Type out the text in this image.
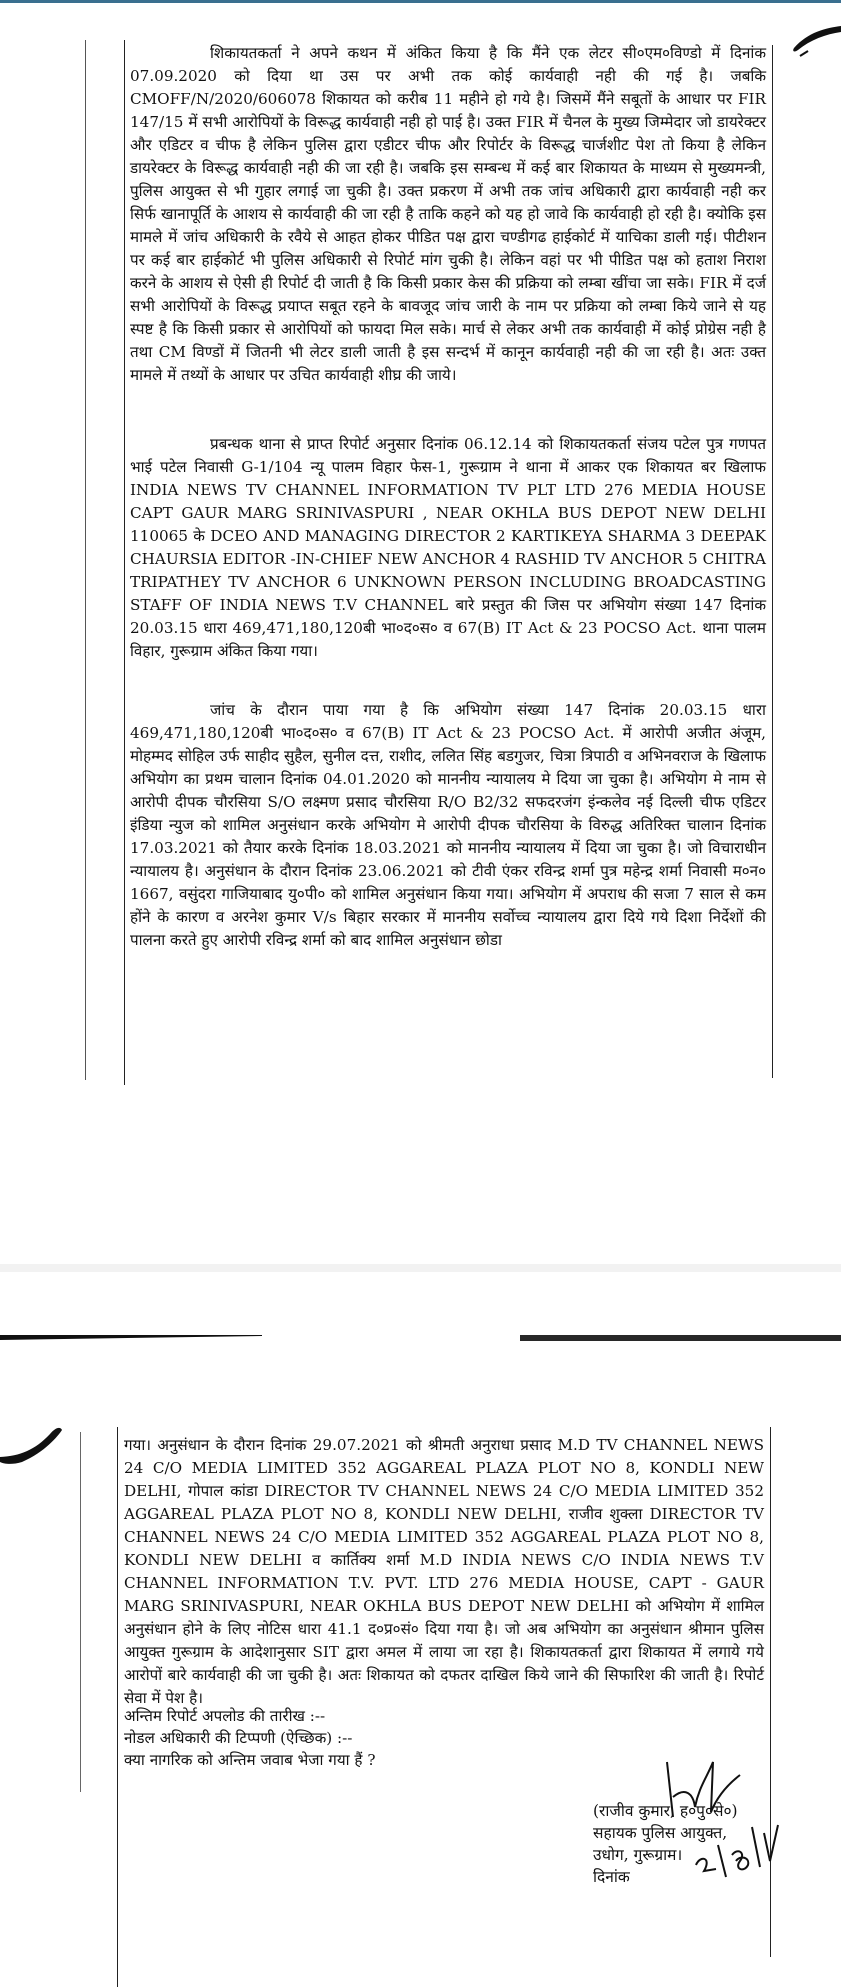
शिकायतकर्ता ने अपने कथन में अंकित किया है कि मैंने एक लेटर सी०एम०विण्डो में दिनांक 07.09.2020 को दिया था उस पर अभी तक कोई कार्यवाही नही की गई है। जबकि CMOFF/N/2020/606078 शिकायत को करीब 11 महीने हो गये है। जिसमें मैंने सबूतों के आधार पर FIR 147/15 में सभी आरोपियों के विरूद्ध कार्यवाही नही हो पाई है। उक्त FIR में चैनल के मुख्य जिम्मेदार जो डायरेक्टर और एडिटर व चीफ है लेकिन पुलिस द्वारा एडीटर चीफ और रिपोर्टर के विरूद्ध चार्जशीट पेश तो किया है लेकिन डायरेक्टर के विरूद्ध कार्यवाही नही की जा रही है। जबकि इस सम्बन्ध में कई बार शिकायत के माध्यम से मुख्यमन्त्री, पुलिस आयुक्त से भी गुहार लगाई जा चुकी है। उक्त प्रकरण में अभी तक जांच अधिकारी द्वारा कार्यवाही नही कर सिर्फ खानापूर्ति के आशय से कार्यवाही की जा रही है ताकि कहने को यह हो जावे कि कार्यवाही हो रही है। क्योकि इस मामले में जांच अधिकारी के रवैये से आहत होकर पीडित पक्ष द्वारा चण्डीगढ हाईकोर्ट में याचिका डाली गई। पीटीशन पर कई बार हाईकोर्ट भी पुलिस अधिकारी से रिपोर्ट मांग चुकी है। लेकिन वहां पर भी पीडित पक्ष को हताश निराश करने के आशय से ऐसी ही रिपोर्ट दी जाती है कि किसी प्रकार केस की प्रक्रिया को लम्बा खींचा जा सके। FIR में दर्ज सभी आरोपियों के विरूद्ध प्रयाप्त सबूत रहने के बावजूद जांच जारी के नाम पर प्रक्रिया को लम्बा किये जाने से यह स्पष्ट है कि किसी प्रकार से आरोपियों को फायदा मिल सके। मार्च से लेकर अभी तक कार्यवाही में कोई प्रोग्रेस नही है तथा CM विण्डों में जितनी भी लेटर डाली जाती है इस सन्दर्भ में कानून कार्यवाही नही की जा रही है। अतः उक्त मामले में तथ्यों के आधार पर उचित कार्यवाही शीघ्र की जाये।

प्रबन्धक थाना से प्राप्त रिपोर्ट अनुसार दिनांक 06.12.14 को शिकायतकर्ता संजय पटेल पुत्र गणपत भाई पटेल निवासी G-1/104 न्यू पालम विहार फेस-1, गुरूग्राम ने थाना में आकर एक शिकायत बर खिलाफ INDIA NEWS TV CHANNEL INFORMATION TV PLT LTD 276 MEDIA HOUSE CAPT GAUR MARG SRINIVASPURI , NEAR OKHLA BUS DEPOT NEW DELHI 110065 के DCEO AND MANAGING DIRECTOR 2 KARTIKEYA SHARMA 3 DEEPAK CHAURSIA EDITOR -IN-CHIEF NEW ANCHOR 4 RASHID TV ANCHOR 5 CHITRA TRIPATHEY TV ANCHOR 6 UNKNOWN PERSON INCLUDING BROADCASTING STAFF OF INDIA NEWS T.V CHANNEL बारे प्रस्तुत की जिस पर अभियोग संख्या 147 दिनांक 20.03.15 धारा 469,471,180,120बी भा०द०स० व 67(B) IT Act & 23 POCSO Act. थाना पालम विहार, गुरूग्राम अंकित किया गया।

जांच के दौरान पाया गया है कि अभियोग संख्या 147 दिनांक 20.03.15 धारा 469,471,180,120बी भा०द०स० व 67(B) IT Act & 23 POCSO Act. में आरोपी अजीत अंजूम, मोहम्मद सोहिल उर्फ साहीद सुहैल, सुनील दत्त, राशीद, ललित सिंह बडगुजर, चित्रा त्रिपाठी व अभिनवराज के खिलाफ अभियोग का प्रथम चालान दिनांक 04.01.2020 को माननीय न्यायालय मे दिया जा चुका है। अभियोग मे नाम से आरोपी दीपक चौरसिया S/O लक्ष्मण प्रसाद चौरसिया R/O B2/32 सफदरजंग इंन्कलेव नई दिल्ली चीफ एडिटर इंडिया न्युज को शामिल अनुसंधान करके अभियोग मे आरोपी दीपक चौरसिया के विरुद्ध अतिरिक्त चालान दिनांक 17.03.2021 को तैयार करके दिनांक 18.03.2021 को माननीय न्यायालय में दिया जा चुका है। जो विचाराधीन न्यायालय है। अनुसंधान के दौरान दिनांक 23.06.2021 को टीवी एंकर रविन्द्र शर्मा पुत्र महेन्द्र शर्मा निवासी म०न० 1667, वसुंदरा गाजियाबाद यु०पी० को शामिल अनुसंधान किया गया। अभियोग में अपराध की सजा 7 साल से कम होंने के कारण व अरनेश कुमार V/s बिहार सरकार में माननीय सर्वोच्च न्यायालय द्वारा दिये गये दिशा निर्देशों की पालना करते हुए आरोपी रविन्द्र शर्मा को बाद शामिल अनुसंधान छोडा

गया। अनुसंधान के दौरान दिनांक 29.07.2021 को श्रीमती अनुराधा प्रसाद M.D TV CHANNEL NEWS 24 C/O MEDIA LIMITED 352 AGGAREAL PLAZA PLOT NO 8, KONDLI NEW DELHI, गोपाल कांडा DIRECTOR TV CHANNEL NEWS 24 C/O MEDIA LIMITED 352 AGGAREAL PLAZA PLOT NO 8, KONDLI NEW DELHI, राजीव शुक्ला DIRECTOR TV CHANNEL NEWS 24 C/O MEDIA LIMITED 352 AGGAREAL PLAZA PLOT NO 8, KONDLI NEW DELHI व कार्तिक्य शर्मा M.D INDIA NEWS C/O INDIA NEWS T.V CHANNEL INFORMATION T.V. PVT. LTD 276 MEDIA HOUSE, CAPT - GAUR MARG SRINIVASPURI, NEAR OKHLA BUS DEPOT NEW DELHI को अभियोग में शामिल अनुसंधान होने के लिए नोटिस धारा 41.1 द०प्र०सं० दिया गया है। जो अब अभियोग का अनुसंधान श्रीमान पुलिस आयुक्त गुरूग्राम के आदेशानुसार SIT द्वारा अमल में लाया जा रहा है। शिकायतकर्ता द्वारा शिकायत में लगाये गये आरोपों बारे कार्यवाही की जा चुकी है। अतः शिकायत को दफतर दाखिल किये जाने की सिफारिश की जाती है। रिपोर्ट सेवा में पेश है।

अन्तिम रिपोर्ट अपलोड की तारीख :--
नोडल अधिकारी की टिप्पणी (ऐच्छिक) :--
क्या नागरिक को अन्तिम जवाब भेजा गया हैं ?
(राजीव कुमार, ह०पु०से०)
सहायक पुलिस आयुक्त,
उधोग, गुरूग्राम।
दिनांक
